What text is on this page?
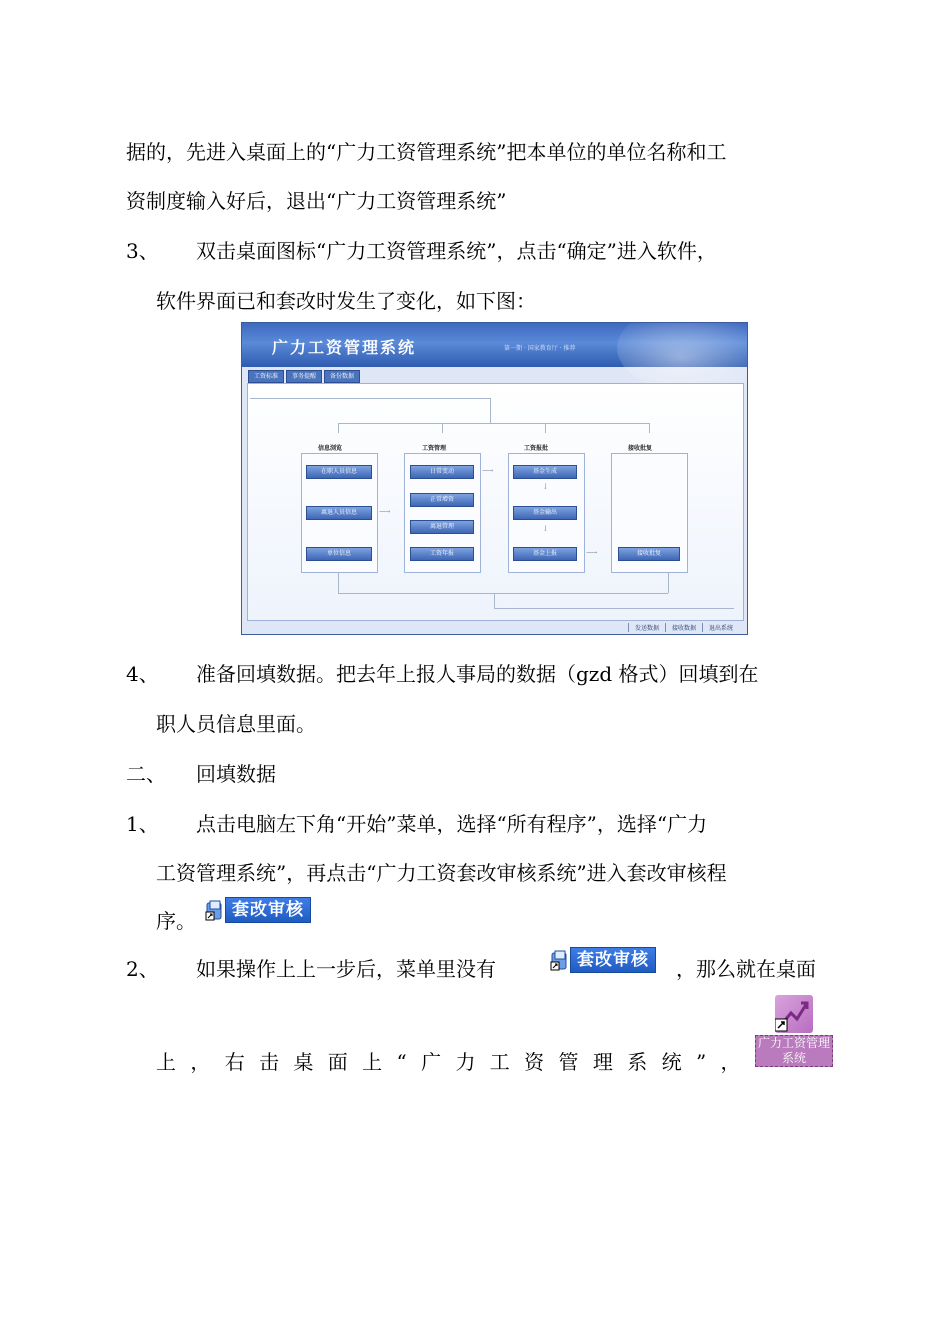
据的，先进入桌面上的“广力工资管理系统”把本单位的单位名称和工
资制度输入好后，退出“广力工资管理系统”
3、 双击桌面图标“广力工资管理系统”，点击“确定”进入软件，
软件界面已和套改时发生了变化，如下图：
广力工资管理系统	第一期 · 国家教育厅 · 推荐
工资标准	事务提醒	备份数据
信息浏览	工资管理	工资报批	接收批复
在职人员信息
离退人员信息
单位信息
日常变动
正常增资
离退管理
工资年报
基金生成
基金输出
基金上报	接收批复
⟶
⟶
↓
↓
⟶
发送数据	接收数据	退出系统
4、 准备回填数据。把去年上报人事局的数据（gzd 格式）回填到在
职人员信息里面。
二、 回填数据
1、 点击电脑左下角“开始”菜单，选择“所有程序”，选择“广力
工资管理系统”，再点击“广力工资套改审核系统”进入套改审核程
序。	套改审核
2、 如果操作上上一步后，菜单里没有	套改审核	，那么就在桌面
上 ， 右 击 桌 面 上 “ 广 力 工 资 管 理 系 统 ” ，
广力工资管理系统
